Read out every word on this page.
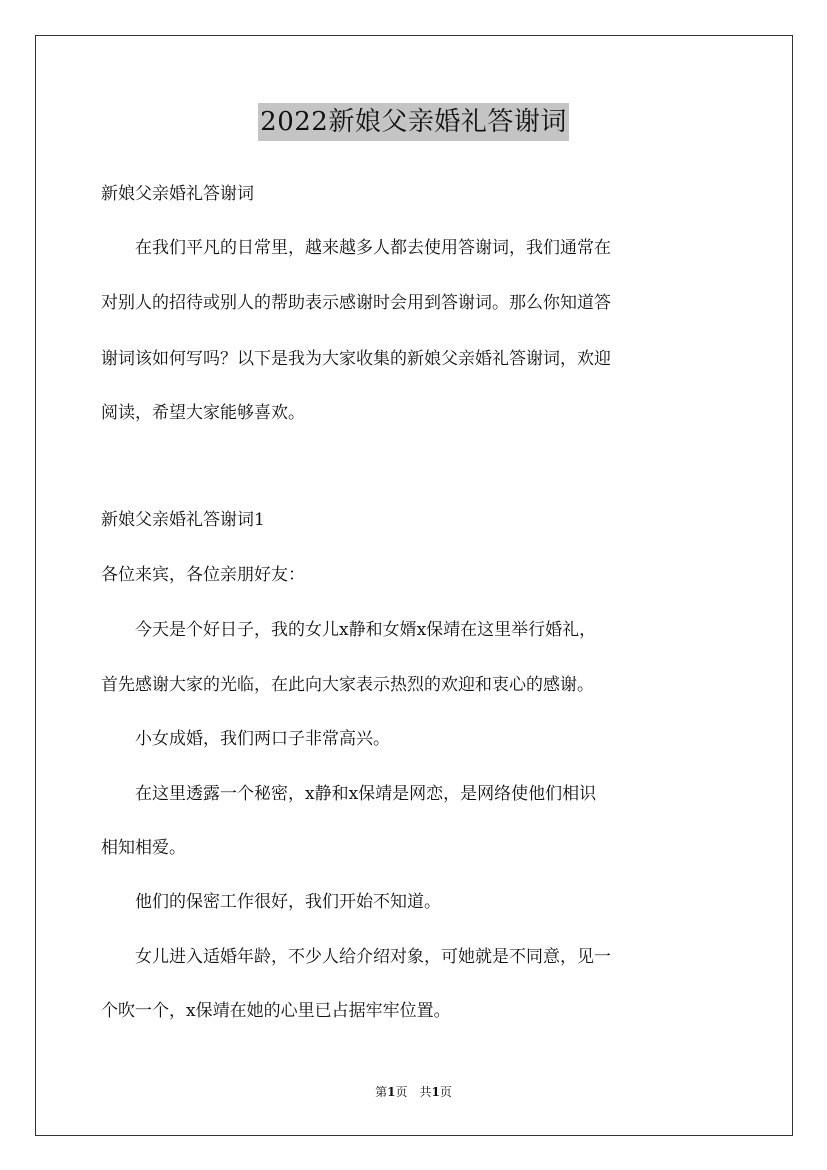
2022新娘父亲婚礼答谢词
新娘父亲婚礼答谢词
　　在我们平凡的日常里，越来越多人都去使用答谢词，我们通常在
对别人的招待或别人的帮助表示感谢时会用到答谢词。那么你知道答
谢词该如何写吗？以下是我为大家收集的新娘父亲婚礼答谢词，欢迎
阅读，希望大家能够喜欢。
新娘父亲婚礼答谢词1
各位来宾，各位亲朋好友：
　　今天是个好日子，我的女儿x静和女婿x保靖在这里举行婚礼，
首先感谢大家的光临，在此向大家表示热烈的欢迎和衷心的感谢。
　　小女成婚，我们两口子非常高兴。
　　在这里透露一个秘密，x静和x保靖是网恋，是网络使他们相识
相知相爱。
　　他们的保密工作很好，我们开始不知道。
　　女儿进入适婚年龄，不少人给介绍对象，可她就是不同意，见一
个吹一个，x保靖在她的心里已占据牢牢位置。
第1页　共1页
